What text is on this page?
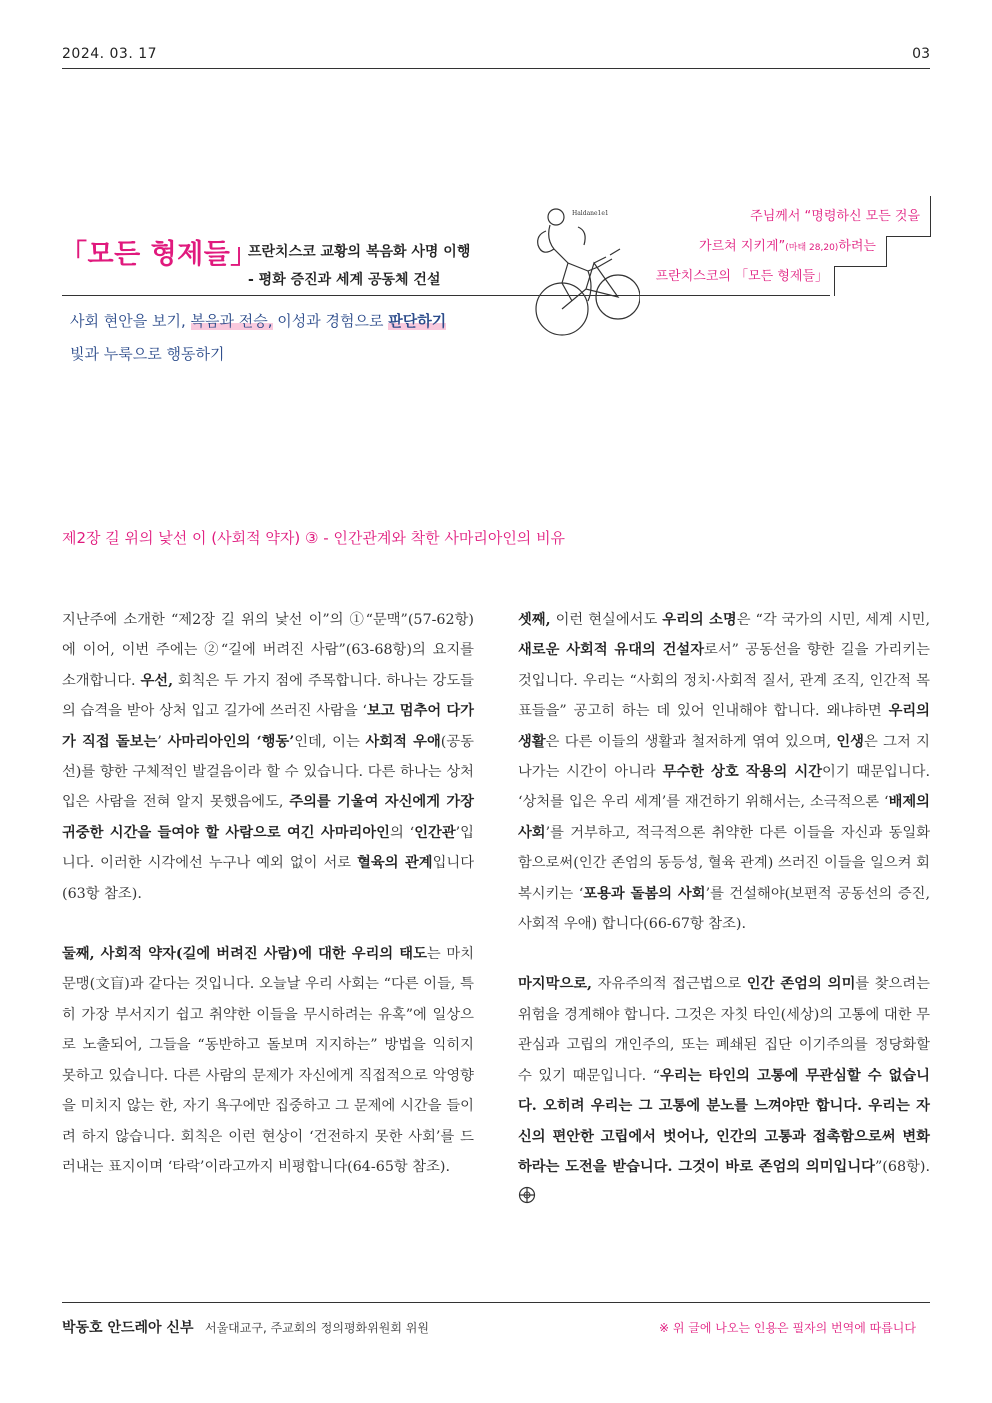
2024. 03. 17	03
「모든 형제들」
프란치스코 교황의 복음화 사명 이행
- 평화 증진과 세계 공동체 건설
Haldane1e1	주님께서 “명령하신 모든 것을
가르쳐 지키게”(마태 28,20)하려는
프란치스코의 「모든 형제들」
사회 현안을 보기, 복음과 전승, 이성과 경험으로 판단하기
빛과 누룩으로 행동하기
제2장 길 위의 낯선 이 (사회적 약자) ③ - 인간관계와 착한 사마리아인의 비유

지난주에 소개한 “제2장 길 위의 낯선 이”의 ①“문맥”(57-62항)에 이어, 이번 주에는 ②“길에 버려진 사람”(63-68항)의 요지를 소개합니다. 우선, 회칙은 두 가지 점에 주목합니다. 하나는 강도들의 습격을 받아 상처 입고 길가에 쓰러진 사람을 ‘보고 멈추어 다가가 직접 돌보는’ 사마리아인의 ‘행동’인데, 이는 사회적 우애(공동선)를 향한 구체적인 발걸음이라 할 수 있습니다. 다른 하나는 상처 입은 사람을 전혀 알지 못했음에도, 주의를 기울여 자신에게 가장 귀중한 시간을 들여야 할 사람으로 여긴 사마리아인의 ‘인간관’입니다. 이러한 시각에선 누구나 예외 없이 서로 혈육의 관계입니다(63항 참조).

둘째, 사회적 약자(길에 버려진 사람)에 대한 우리의 태도는 마치 문맹(文盲)과 같다는 것입니다. 오늘날 우리 사회는 “다른 이들, 특히 가장 부서지기 쉽고 취약한 이들을 무시하려는 유혹”에 일상으로 노출되어, 그들을 “동반하고 돌보며 지지하는” 방법을 익히지 못하고 있습니다. 다른 사람의 문제가 자신에게 직접적으로 악영향을 미치지 않는 한, 자기 욕구에만 집중하고 그 문제에 시간을 들이려 하지 않습니다. 회칙은 이런 현상이 ‘건전하지 못한 사회’를 드러내는 표지이며 ‘타락’이라고까지 비평합니다(64-65항 참조).

셋째, 이런 현실에서도 우리의 소명은 “각 국가의 시민, 세계 시민, 새로운 사회적 유대의 건설자로서” 공동선을 향한 길을 가리키는 것입니다. 우리는 “사회의 정치·사회적 질서, 관계 조직, 인간적 목표들을” 공고히 하는 데 있어 인내해야 합니다. 왜냐하면 우리의 생활은 다른 이들의 생활과 철저하게 엮여 있으며, 인생은 그저 지나가는 시간이 아니라 무수한 상호 작용의 시간이기 때문입니다. ‘상처를 입은 우리 세계’를 재건하기 위해서는, 소극적으론 ‘배제의 사회’를 거부하고, 적극적으론 취약한 다른 이들을 자신과 동일화함으로써(인간 존엄의 동등성, 혈육 관계) 쓰러진 이들을 일으켜 회복시키는 ‘포용과 돌봄의 사회’를 건설해야(보편적 공동선의 증진, 사회적 우애) 합니다(66-67항 참조).

마지막으로, 자유주의적 접근법으로 인간 존엄의 의미를 찾으려는 위험을 경계해야 합니다. 그것은 자칫 타인(세상)의 고통에 대한 무관심과 고립의 개인주의, 또는 폐쇄된 집단 이기주의를 정당화할 수 있기 때문입니다. “우리는 타인의 고통에 무관심할 수 없습니다. 오히려 우리는 그 고통에 분노를 느껴야만 합니다. 우리는 자신의 편안한 고립에서 벗어나, 인간의 고통과 접촉함으로써 변화하라는 도전을 받습니다. 그것이 바로 존엄의 의미입니다”(68항).

박동호 안드레아 신부 서울대교구, 주교회의 정의평화위원회 위원	※ 위 글에 나오는 인용은 필자의 번역에 따릅니다
